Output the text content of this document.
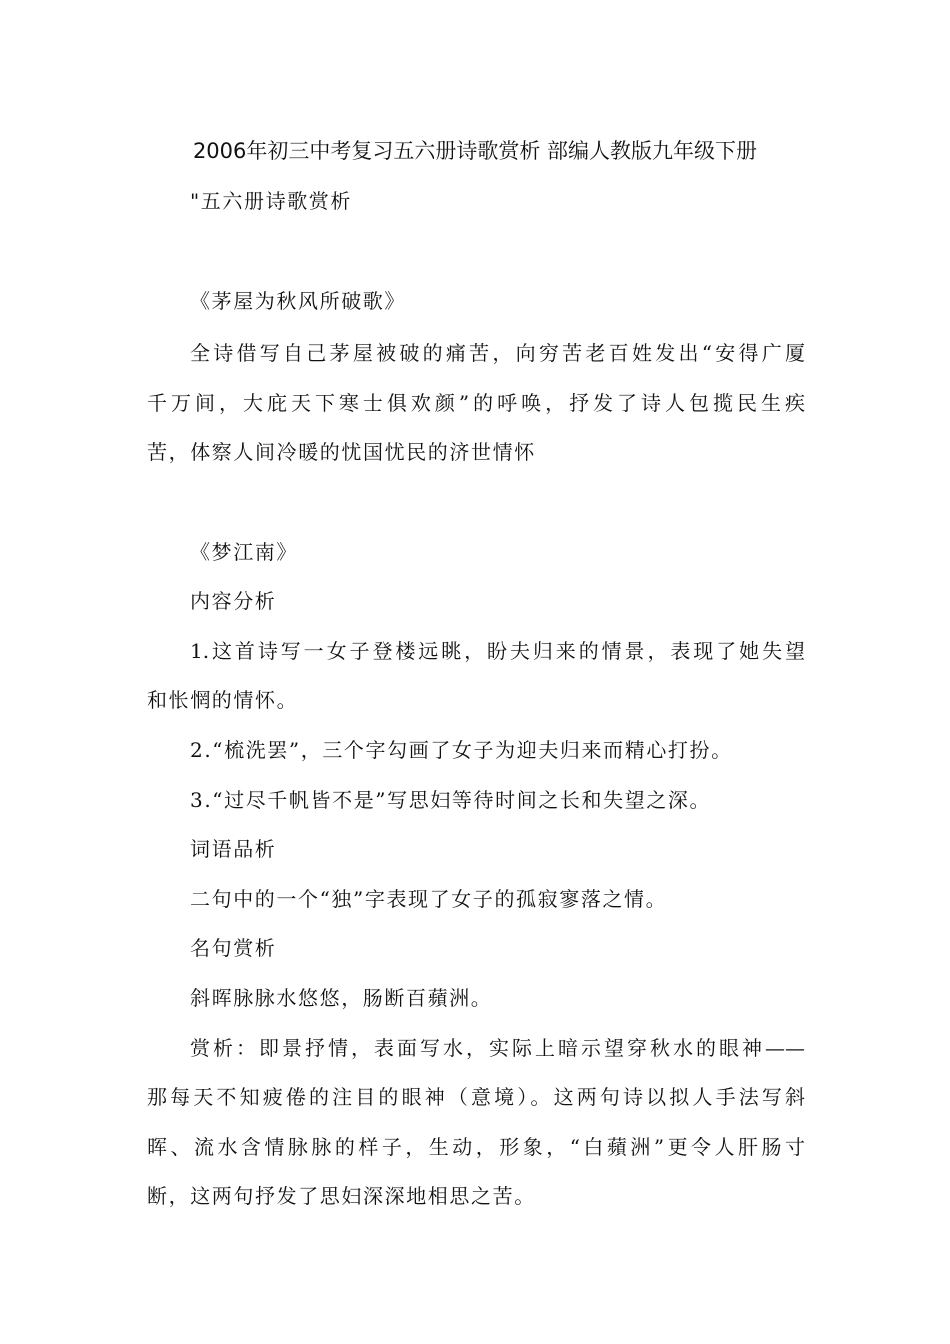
2006年初三中考复习五六册诗歌赏析 部编人教版九年级下册
"五六册诗歌赏析
《茅屋为秋风所破歌》
全诗借写自己茅屋被破的痛苦，向穷苦老百姓发出“安得广厦
千万间，大庇天下寒士俱欢颜”的呼唤，抒发了诗人包揽民生疾
苦，体察人间冷暖的忧国忧民的济世情怀
《梦江南》
内容分析
1.这首诗写一女子登楼远眺，盼夫归来的情景，表现了她失望
和怅惘的情怀。
2.“梳洗罢”，三个字勾画了女子为迎夫归来而精心打扮。
3.“过尽千帆皆不是”写思妇等待时间之长和失望之深。
词语品析
二句中的一个“独”字表现了女子的孤寂寥落之情。
名句赏析
斜晖脉脉水悠悠，肠断百蘋洲。
赏析：即景抒情，表面写水，实际上暗示望穿秋水的眼神——
那每天不知疲倦的注目的眼神（意境）。这两句诗以拟人手法写斜
晖、流水含情脉脉的样子，生动，形象，“白蘋洲”更令人肝肠寸
断，这两句抒发了思妇深深地相思之苦。
